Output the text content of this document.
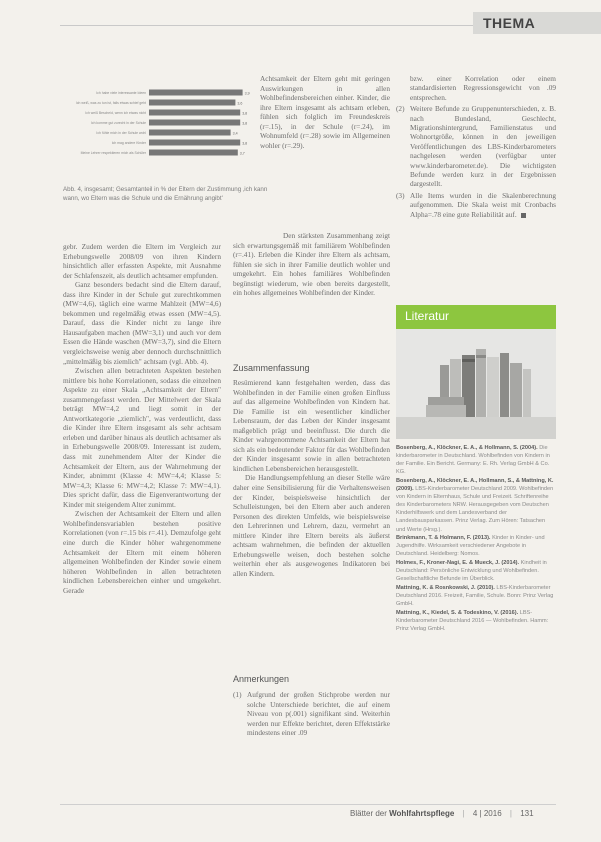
THEMA
Ich habe viele interessante Ideen	3,9
Ich weiß, was zu tun ist, falls etwas schief geht	3,6
Ich weiß Bescheid, wenn ich etwas nicht	3,8
Ich komme gut zurecht in der Schule	3,8
Ich fühle mich in der Schule wohl	3,4
Ich mag andere Kinder	3,8
Meine Lehrer respektieren mich als Schüler	3,7
Abb. 4, insgesamt; Gesamtanteil in % der Eltern der Zustimmung ‚ich kann wann, wo Eltern was die Schule und die Ernährung angibt'

gebr. Zudem werden die Eltern im Vergleich zur Erhebungswelle 2008/09 von ihren Kindern hinsichtlich aller erfassten Aspekte, mit Ausnahme der Schlafenszeit, als deutlich achtsamer empfunden.

Ganz besonders bedacht sind die Eltern darauf, dass ihre Kinder in der Schule gut zurechtkommen (MW=4,6), täglich eine warme Mahlzeit (MW=4,6) bekommen und regelmäßig etwas essen (MW=4,5). Darauf, dass die Kinder nicht zu lange ihre Hausaufgaben machen (MW=3,1) und auch vor dem Essen die Hände waschen (MW=3,7), sind die Eltern vergleichsweise wenig aber dennoch durchschnittlich „mittelmäßig bis ziemlich" achtsam (vgl. Abb. 4).

Zwischen allen betrachteten Aspekten bestehen mittlere bis hohe Korrelationen, sodass die einzelnen Aspekte zu einer Skala „Achtsamkeit der Eltern" zusammengefasst werden. Der Mittelwert der Skala beträgt MW=4,2 und liegt somit in der Antwortkategorie „ziemlich", was verdeutlicht, dass die Kinder ihre Eltern insgesamt als sehr achtsam erleben und darüber hinaus als deutlich achtsamer als in Erhebungswelle 2008/09. Interessant ist zudem, dass mit zunehmendem Alter der Kinder die Achtsamkeit der Eltern, aus der Wahrnehmung der Kinder, abnimmt (Klasse 4: MW=4,4; Klasse 5: MW=4,3; Klasse 6: MW=4,2; Klasse 7: MW=4,1). Dies spricht dafür, dass die Eigenverantwortung der Kinder mit steigendem Alter zunimmt.

Zwischen der Achtsamkeit der Eltern und allen Wohlbefindensvariablen bestehen positive Korrelationen (von r=.15 bis r=.41). Demzufolge geht eine durch die Kinder höher wahrgenommene Achtsamkeit der Eltern mit einem höheren allgemeinen Wohlbefinden der Kinder sowie einem höheren Wohlbefinden in allen betrachteten kindlichen Lebensbereichen einher und umgekehrt. Gerade

Achtsamkeit der Eltern geht mit geringen Auswirkungen in allen Wohlbefindensbereichen einher. Kinder, die ihre Eltern insgesamt als achtsam erleben, fühlen sich folglich im Freundeskreis (r=.15), in der Schule (r=.24), im Wohnumfeld (r=.28) sowie im Allgemeinen wohler (r=.29).

Den stärksten Zusammenhang zeigt sich erwartungsgemäß mit familiärem Wohlbefinden (r=.41). Erleben die Kinder ihre Eltern als achtsam, fühlen sie sich in ihrer Familie deutlich wohler und umgekehrt. Ein hohes familiäres Wohlbefinden begünstigt wiederum, wie oben bereits dargestellt, ein hohes allgemeines Wohlbefinden der Kinder.

Zusammenfassung

Resümierend kann festgehalten werden, dass das Wohlbefinden in der Familie einen großen Einfluss auf das allgemeine Wohlbefinden von Kindern hat. Die Familie ist ein wesentlicher kindlicher Lebensraum, der das Leben der Kinder insgesamt maßgeblich prägt und beeinflusst. Die durch die Kinder wahrgenommene Achtsamkeit der Eltern hat sich als ein bedeutender Faktor für das Wohlbefinden der Kinder insgesamt sowie in allen betrachteten kindlichen Lebensbereichen herausgestellt.

Die Handlungsempfehlung an dieser Stelle wäre daher eine Sensibilisierung für die Verhaltensweisen der Kinder, beispielsweise hinsichtlich der Schulleistungen, bei den Eltern aber auch anderen Personen des direkten Umfelds, wie beispielsweise den Lehrerinnen und Lehrern, dazu, vermehrt an mittlere Kinder ihre Eltern bereits als äußerst achtsam wahrnehmen, die befinden der aktuellen Erhebungswelle weisen, doch bestehen solche weiterhin eher als ausgewogenes Indikatoren bei allen Kindern.

Anmerkungen
(1) Aufgrund der großen Stichprobe werden nur solche Unterschiede berichtet, die auf einem Niveau von p(.001) signifikant sind. Weiterhin werden nur Effekte berichtet, deren Effektstärke mindestens einer .09
bzw. einer Korrelation oder einem standardisierten Regressionsgewicht von .09 entsprechen.
(2) Weitere Befunde zu Gruppenunterschieden, z. B. nach Bundesland, Geschlecht, Migrationshintergrund, Familienstatus und Wohnortgröße, können in den jeweiligen Veröffentlichungen des LBS-Kinderbarometers nachgelesen werden (verfügbar unter www.kinderbarometer.de). Die wichtigsten Befunde werden kurz in der Ergebnissen dargestellt.
(3) Alle Items wurden in die Skalenberechnung aufgenommen. Die Skala weist mit Cronbachs Alpha=.78 eine gute Reliabilität auf.
Literatur
Bosenberg, A., Klöckner, E. A., & Hollmann, S. (2004). Die kinderbarometer in Deutschland. Wohlbefinden von Kindern in der Familie. Ein Bericht. Germany: E. Rh. Verlag GmbH & Co. KG.
Bosenberg, A., Klöckner, E. A., Hollmann, S., & Mattning, K. (2009). LBS-Kinderbarometer Deutschland 2009. Wohlbefinden von Kindern in Elternhaus, Schule und Freizeit. Schriftenreihe des Kinderbarometers NRW. Herausgegeben vom Deutschen Kinderhilfswerk und dem Landesverband der Landesbausparkassen. Prinz Verlag. Zum Hören: Tatsachen und Werte (Hrsg.).
Brinkmann, T. & Holmann, F. (2013). Kinder in Kinder- und Jugendhilfe. Wirksamkeit verschiedener Angebote in Deutschland. Heidelberg: Nomos.
Holmes, F., Kroner-Nagi, E. & Mueck, J. (2014). Kindheit in Deutschland: Persönliche Entwicklung und Wohlbefinden. Gesellschaftliche Befunde im Überblick.
Mattning, K. & Rosnkowski, J. (2010). LBS-Kinderbarometer Deutschland 2016. Freizeit, Familie, Schule. Bonn: Prinz Verlag GmbH.
Mattning, K., Kiedel, S. & Todeskino, V. (2016). LBS-Kinderbarometer Deutschland 2016 — Wohlbefinden. Hamm: Prinz Verlag GmbH.
Blätter der Wohlfahrtspflege | 4 | 2016 | 131
